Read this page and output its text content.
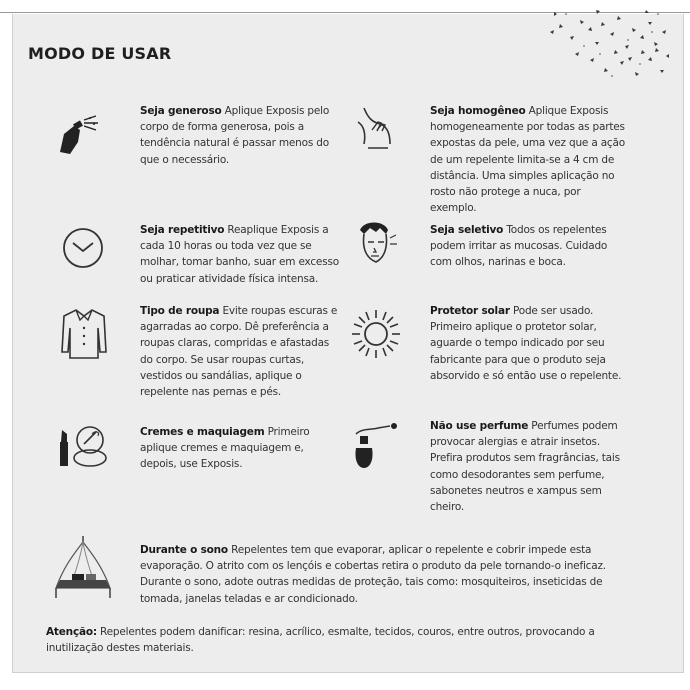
MODO DE USAR
Seja generoso Aplique Exposis pelo corpo de forma generosa, pois a tendência natural é passar menos do que o necessário.
Seja homogêneo Aplique Exposis homogeneamente por todas as partes expostas da pele, uma vez que a ação de um repelente limita-se a 4 cm de distância. Uma simples aplicação no rosto não protege a nuca, por exemplo.
Seja repetitivo Reaplique Exposis a cada 10 horas ou toda vez que se molhar, tomar banho, suar em excesso ou praticar atividade física intensa.
Seja seletivo Todos os repelentes podem irritar as mucosas. Cuidado com olhos, narinas e boca.
Tipo de roupa Evite roupas escuras e agarradas ao corpo. Dê preferência a roupas claras, compridas e afastadas do corpo. Se usar roupas curtas, vestidos ou sandálias, aplique o repelente nas pernas e pés.
Protetor solar Pode ser usado. Primeiro aplique o protetor solar, aguarde o tempo indicado por seu fabricante para que o produto seja absorvido e só então use o repelente.
Cremes e maquiagem Primeiro aplique cremes e maquiagem e, depois, use Exposis.
Não use perfume Perfumes podem provocar alergias e atrair insetos. Prefira produtos sem fragrâncias, tais como desodorantes sem perfume, sabonetes neutros e xampus sem cheiro.
Durante o sono Repelentes tem que evaporar, aplicar o repelente e cobrir impede esta evaporação. O atrito com os lençóis e cobertas retira o produto da pele tornando-o ineficaz. Durante o sono, adote outras medidas de proteção, tais como: mosquiteiros, inseticidas de tomada, janelas teladas e ar condicionado.
Atenção: Repelentes podem danificar: resina, acrílico, esmalte, tecidos, couros, entre outros, provocando a inutilização destes materiais.
